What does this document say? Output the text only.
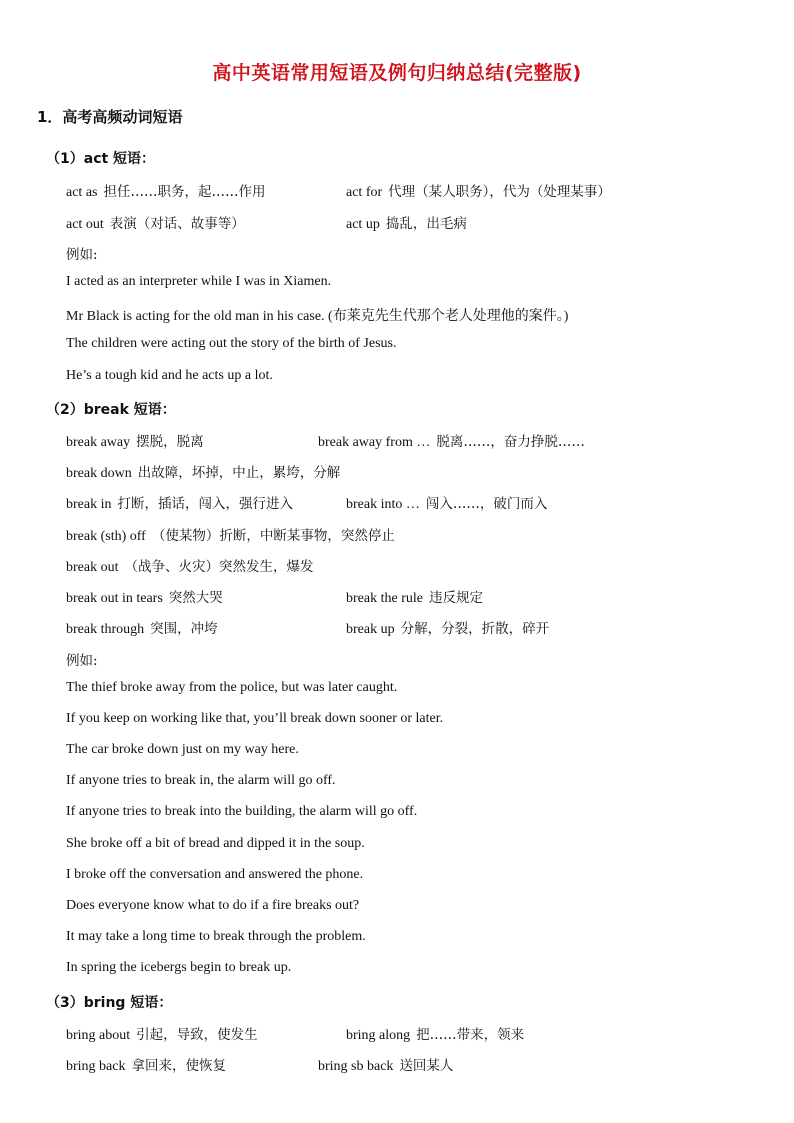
高中英语常用短语及例句归纳总结(完整版)
1．高考高频动词短语
（1）act 短语：
act as 担任……职务，起……作用	act for 代理（某人职务），代为（处理某事）
act out 表演（对话、故事等）	act up 捣乱，出毛病
例如:
I acted as an interpreter while I was in Xiamen.
Mr Black is acting for the old man in his case. (布莱克先生代那个老人处理他的案件。)
The children were acting out the story of the birth of Jesus.
He’s a tough kid and he acts up a lot.
（2）break 短语：
break away 摆脱，脱离	break away from … 脱离……，奋力挣脱……
break down 出故障，坏掉，中止，累垮，分解
break in 打断，插话，闯入，强行进入	break into … 闯入……，破门而入
break (sth) off （使某物）折断，中断某事物，突然停止
break out （战争、火灾）突然发生，爆发
break out in tears 突然大哭	break the rule 违反规定
break through 突围，冲垮	break up 分解，分裂，折散，碎开
例如:
The thief broke away from the police, but was later caught.
If you keep on working like that, you’ll break down sooner or later.
The car broke down just on my way here.
If anyone tries to break in, the alarm will go off.
If anyone tries to break into the building, the alarm will go off.
She broke off a bit of bread and dipped it in the soup.
I broke off the conversation and answered the phone.
Does everyone know what to do if a fire breaks out?
It may take a long time to break through the problem.
In spring the icebergs begin to break up.
（3）bring 短语：
bring about 引起，导致，使发生	bring along 把……带来，领来
bring back 拿回来，使恢复	bring sb back 送回某人
